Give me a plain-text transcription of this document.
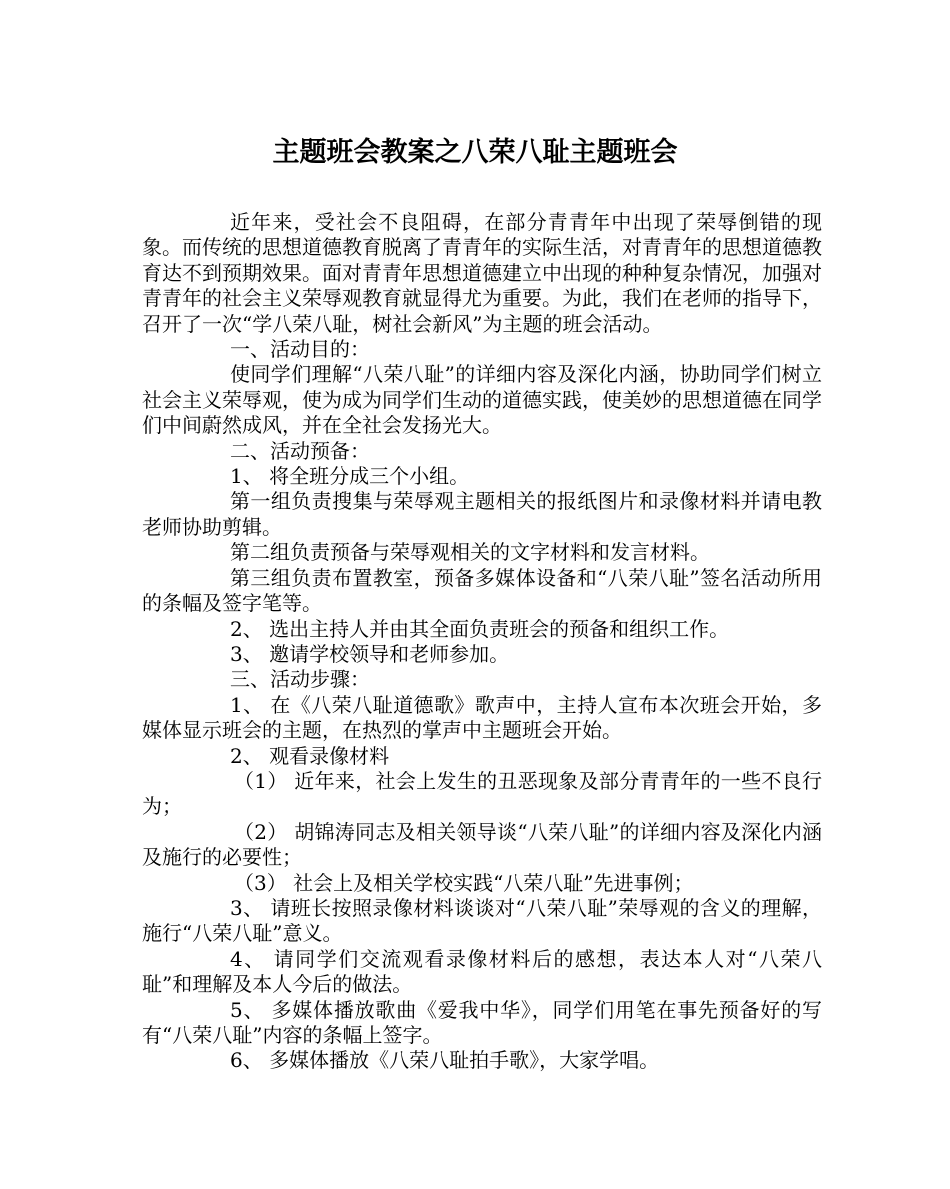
主题班会教案之八荣八耻主题班会

近年来，受社会不良阻碍，在部分青青年中出现了荣辱倒错的现象。而传统的思想道德教育脱离了青青年的实际生活，对青青年的思想道德教育达不到预期效果。面对青青年思想道德建立中出现的种种复杂情况，加强对青青年的社会主义荣辱观教育就显得尤为重要。为此，我们在老师的指导下，召开了一次“学八荣八耻，树社会新风”为主题的班会活动。

一、活动目的：

使同学们理解“八荣八耻”的详细内容及深化内涵，协助同学们树立社会主义荣辱观，使为成为同学们生动的道德实践，使美妙的思想道德在同学们中间蔚然成风，并在全社会发扬光大。

二、活动预备：

1、 将全班分成三个小组。

第一组负责搜集与荣辱观主题相关的报纸图片和录像材料并请电教老师协助剪辑。

第二组负责预备与荣辱观相关的文字材料和发言材料。

第三组负责布置教室，预备多媒体设备和“八荣八耻”签名活动所用的条幅及签字笔等。

2、 选出主持人并由其全面负责班会的预备和组织工作。

3、 邀请学校领导和老师参加。

三、活动步骤：

1、 在《八荣八耻道德歌》歌声中，主持人宣布本次班会开始，多媒体显示班会的主题，在热烈的掌声中主题班会开始。

2、 观看录像材料

（1） 近年来，社会上发生的丑恶现象及部分青青年的一些不良行为；

（2） 胡锦涛同志及相关领导谈“八荣八耻”的详细内容及深化内涵及施行的必要性；

（3） 社会上及相关学校实践“八荣八耻”先进事例；

3、 请班长按照录像材料谈谈对“八荣八耻”荣辱观的含义的理解，施行“八荣八耻”意义。

4、 请同学们交流观看录像材料后的感想，表达本人对“八荣八耻”和理解及本人今后的做法。

5、 多媒体播放歌曲《爱我中华》，同学们用笔在事先预备好的写有“八荣八耻”内容的条幅上签字。

6、 多媒体播放《八荣八耻拍手歌》，大家学唱。
